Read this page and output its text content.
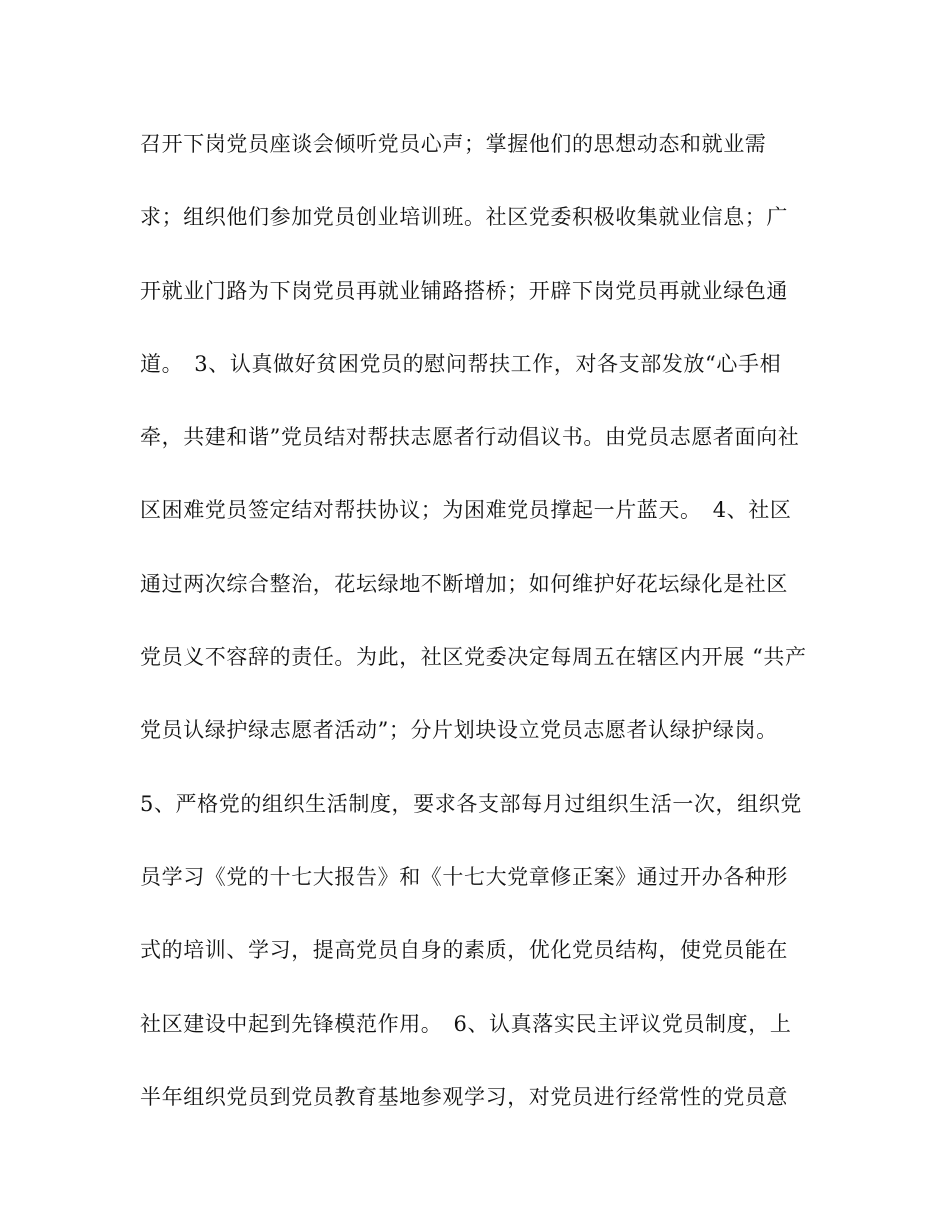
召开下岗党员座谈会倾听党员心声；掌握他们的思想动态和就业需
求；组织他们参加党员创业培训班。社区党委积极收集就业信息；广
开就业门路为下岗党员再就业铺路搭桥；开辟下岗党员再就业绿色通
道。　3、认真做好贫困党员的慰问帮扶工作，对各支部发放“心手相
牵，共建和谐”党员结对帮扶志愿者行动倡议书。由党员志愿者面向社
区困难党员签定结对帮扶协议；为困难党员撑起一片蓝天。　4、社区
通过两次综合整治，花坛绿地不断增加；如何维护好花坛绿化是社区
党员义不容辞的责任。为此，社区党委决定每周五在辖区内开展 “共产
党员认绿护绿志愿者活动”；分片划块设立党员志愿者认绿护绿岗。
5、严格党的组织生活制度，要求各支部每月过组织生活一次，组织党
员学习《党的十七大报告》和《十七大党章修正案》通过开办各种形
式的培训、学习，提高党员自身的素质，优化党员结构，使党员能在
社区建设中起到先锋模范作用。　6、认真落实民主评议党员制度，上
半年组织党员到党员教育基地参观学习，对党员进行经常性的党员意
